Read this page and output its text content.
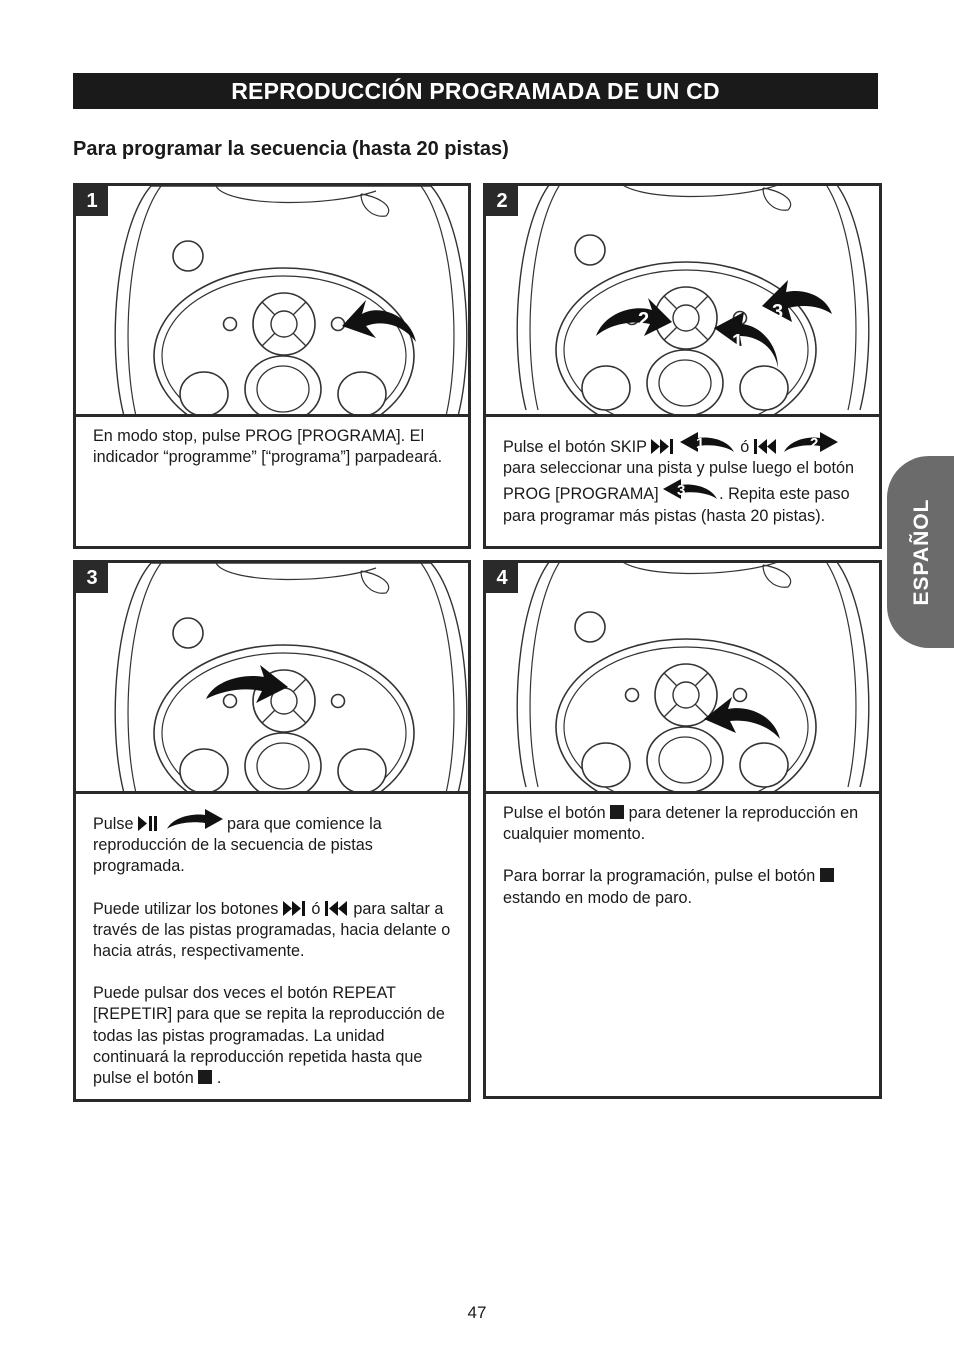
REPRODUCCIÓN PROGRAMADA DE UN CD
Para programar la secuencia (hasta 20 pistas)
1

En modo stop, pulse PROG [PROGRAMA]. El indicador “programme” [“programa”] parpadeará.

2
2
1
3
Pulse el botón SKIP	1 ó	2
para seleccionar una pista y pulse luego el botón PROG [PROGRAMA] 3 . Repita este paso para programar más pistas (hasta 20 pistas).
3

Pulse	para que comience la reproducción de la secuencia de pistas programada.

Puede utilizar los botones ó para saltar a través de las pistas programadas, hacia delante o hacia atrás, respectivamente.

Puede pulsar dos veces el botón REPEAT [REPETIR] para que se repita la reproducción de todas las pistas programadas. La unidad continuará la reproducción repetida hasta que pulse el botón .

4

Pulse el botón para detener la reproducción en cualquier momento.

Para borrar la programación, pulse el botón  estando en modo de paro.

ESPAÑOL
47
